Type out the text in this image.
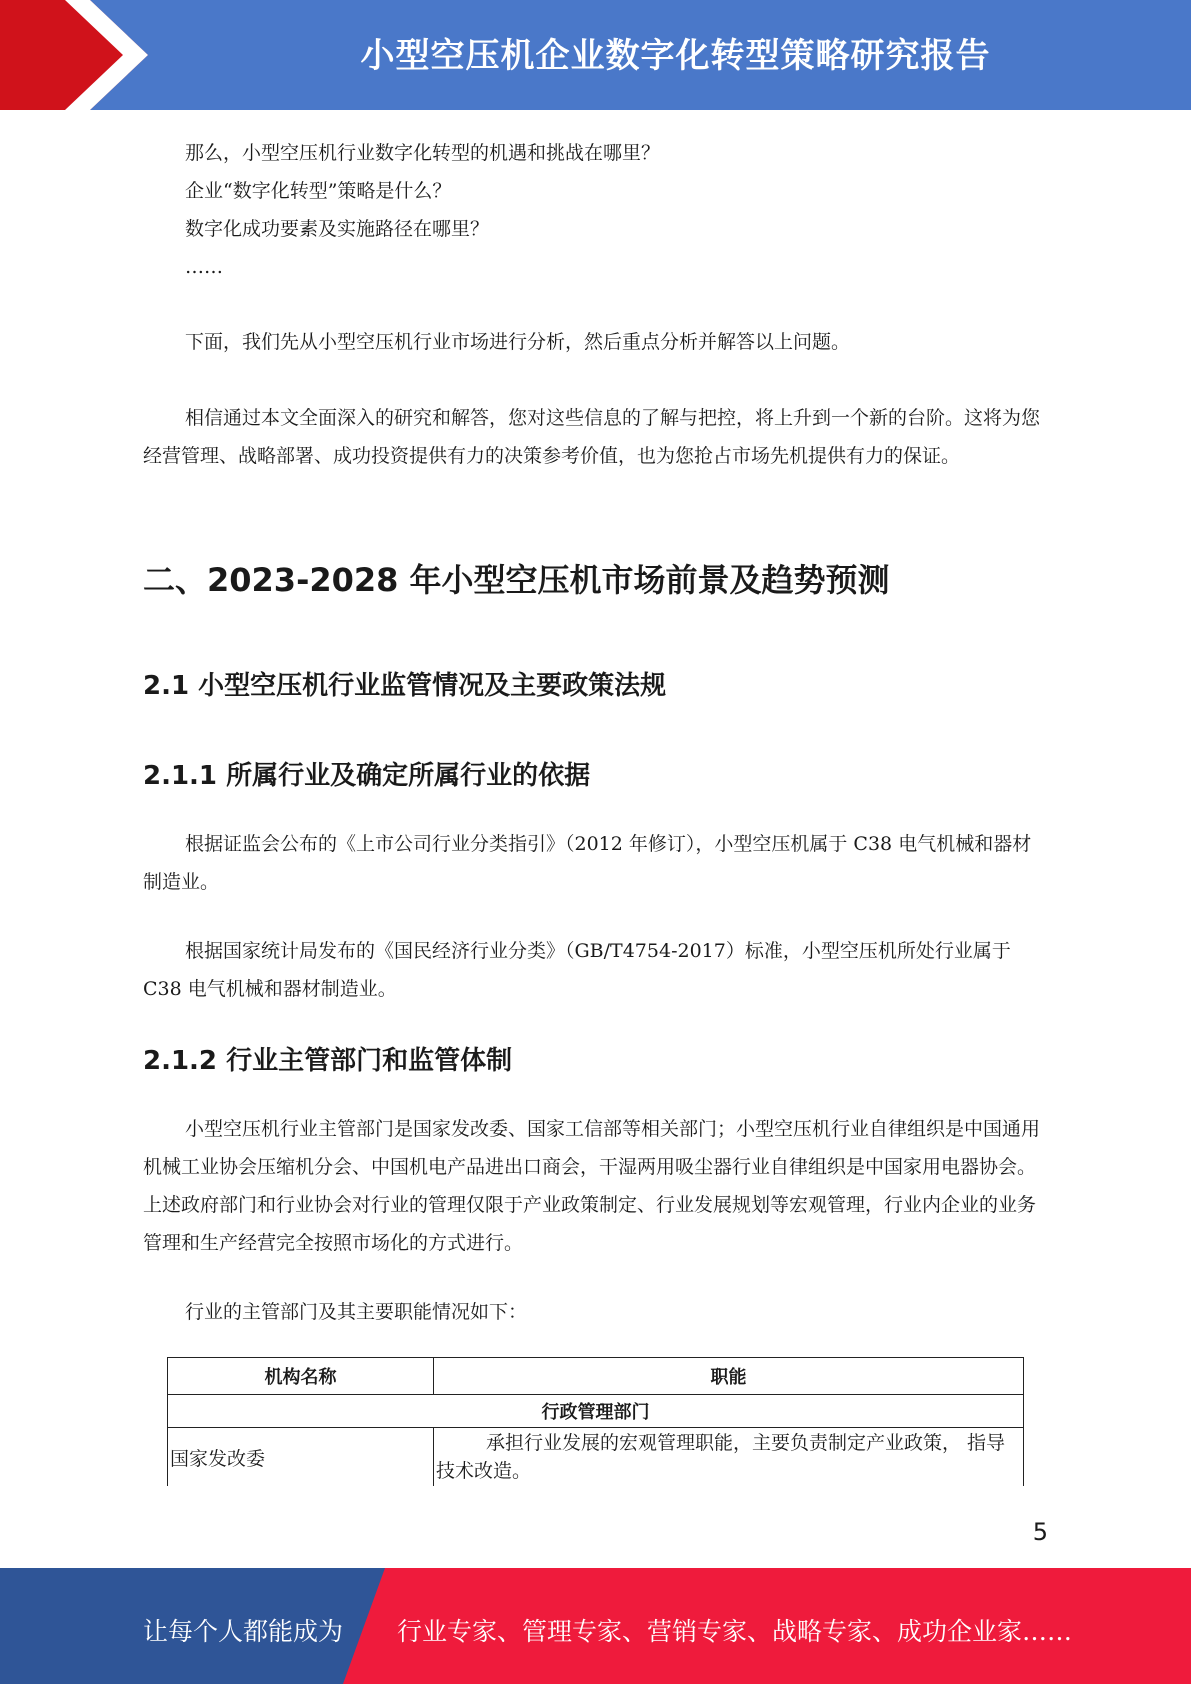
小型空压机企业数字化转型策略研究报告

那么，小型空压机行业数字化转型的机遇和挑战在哪里？

企业“数字化转型”策略是什么？

数字化成功要素及实施路径在哪里？

……

下面，我们先从小型空压机行业市场进行分析，然后重点分析并解答以上问题。

相信通过本文全面深入的研究和解答，您对这些信息的了解与把控，将上升到一个新的台阶。这将为您经营管理、战略部署、成功投资提供有力的决策参考价值，也为您抢占市场先机提供有力的保证。

二、2023-2028 年小型空压机市场前景及趋势预测
2.1 小型空压机行业监管情况及主要政策法规
2.1.1 所属行业及确定所属行业的依据

根据证监会公布的《上市公司行业分类指引》（2012 年修订），小型空压机属于 C38 电气机械和器材制造业。

根据国家统计局发布的《国民经济行业分类》（GB/T4754-2017）标准，小型空压机所处行业属于 C38 电气机械和器材制造业。

2.1.2 行业主管部门和监管体制

小型空压机行业主管部门是国家发改委、国家工信部等相关部门；小型空压机行业自律组织是中国通用机械工业协会压缩机分会、中国机电产品进出口商会，干湿两用吸尘器行业自律组织是中国家用电器协会。上述政府部门和行业协会对行业的管理仅限于产业政策制定、行业发展规划等宏观管理，行业内企业的业务管理和生产经营完全按照市场化的方式进行。

行业的主管部门及其主要职能情况如下：

机构名称	职能
行政管理部门	
国家发改委	承担行业发展的宏观管理职能，主要负责制定产业政策， 指导技术改造。
5
让每个人都能成为 行业专家、管理专家、营销专家、战略专家、成功企业家……
